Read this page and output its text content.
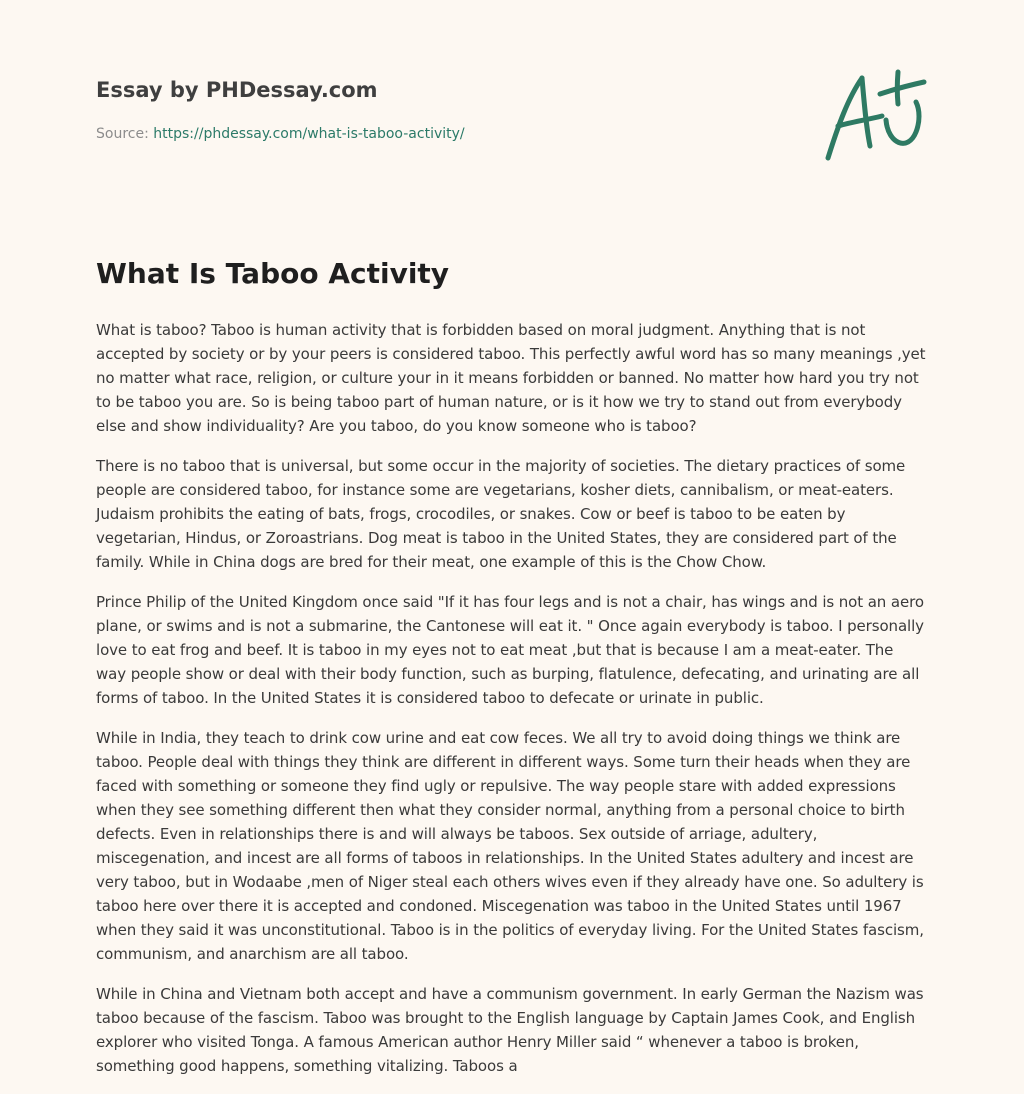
Essay by PHDessay.com
Source: https://phdessay.com/what-is-taboo-activity/
What Is Taboo Activity

What is taboo? Taboo is human activity that is forbidden based on moral judgment. Anything that is not accepted by society or by your peers is considered taboo. This perfectly awful word has so many meanings ,yet no matter what race, religion, or culture your in it means forbidden or banned. No matter how hard you try not to be taboo you are. So is being taboo part of human nature, or is it how we try to stand out from everybody else and show individuality? Are you taboo, do you know someone who is taboo?

There is no taboo that is universal, but some occur in the majority of societies. The dietary practices of some people are considered taboo, for instance some are vegetarians, kosher diets, cannibalism, or meat-eaters. Judaism prohibits the eating of bats, frogs, crocodiles, or snakes. Cow or beef is taboo to be eaten by vegetarian, Hindus, or Zoroastrians. Dog meat is taboo in the United States, they are considered part of the family. While in China dogs are bred for their meat, one example of this is the Chow Chow.

Prince Philip of the United Kingdom once said "If it has four legs and is not a chair, has wings and is not an aero plane, or swims and is not a submarine, the Cantonese will eat it. " Once again everybody is taboo. I personally love to eat frog and beef. It is taboo in my eyes not to eat meat ,but that is because I am a meat-eater. The way people show or deal with their body function, such as burping, flatulence, defecating, and urinating are all forms of taboo. In the United States it is considered taboo to defecate or urinate in public.

While in India, they teach to drink cow urine and eat cow feces. We all try to avoid doing things we think are taboo. People deal with things they think are different in different ways. Some turn their heads when they are faced with something or someone they find ugly or repulsive. The way people stare with added expressions when they see something different then what they consider normal, anything from a personal choice to birth defects. Even in relationships there is and will always be taboos. Sex outside of arriage, adultery, miscegenation, and incest are all forms of taboos in relationships. In the United States adultery and incest are very taboo, but in Wodaabe ,men of Niger steal each others wives even if they already have one. So adultery is taboo here over there it is accepted and condoned. Miscegenation was taboo in the United States until 1967 when they said it was unconstitutional. Taboo is in the politics of everyday living. For the United States fascism, communism, and anarchism are all taboo.

While in China and Vietnam both accept and have a communism government. In early German the Nazism was taboo because of the fascism. Taboo was brought to the English language by Captain James Cook, and English explorer who visited Tonga. A famous American author Henry Miller said “ whenever a taboo is broken, something good happens, something vitalizing. Taboos a
